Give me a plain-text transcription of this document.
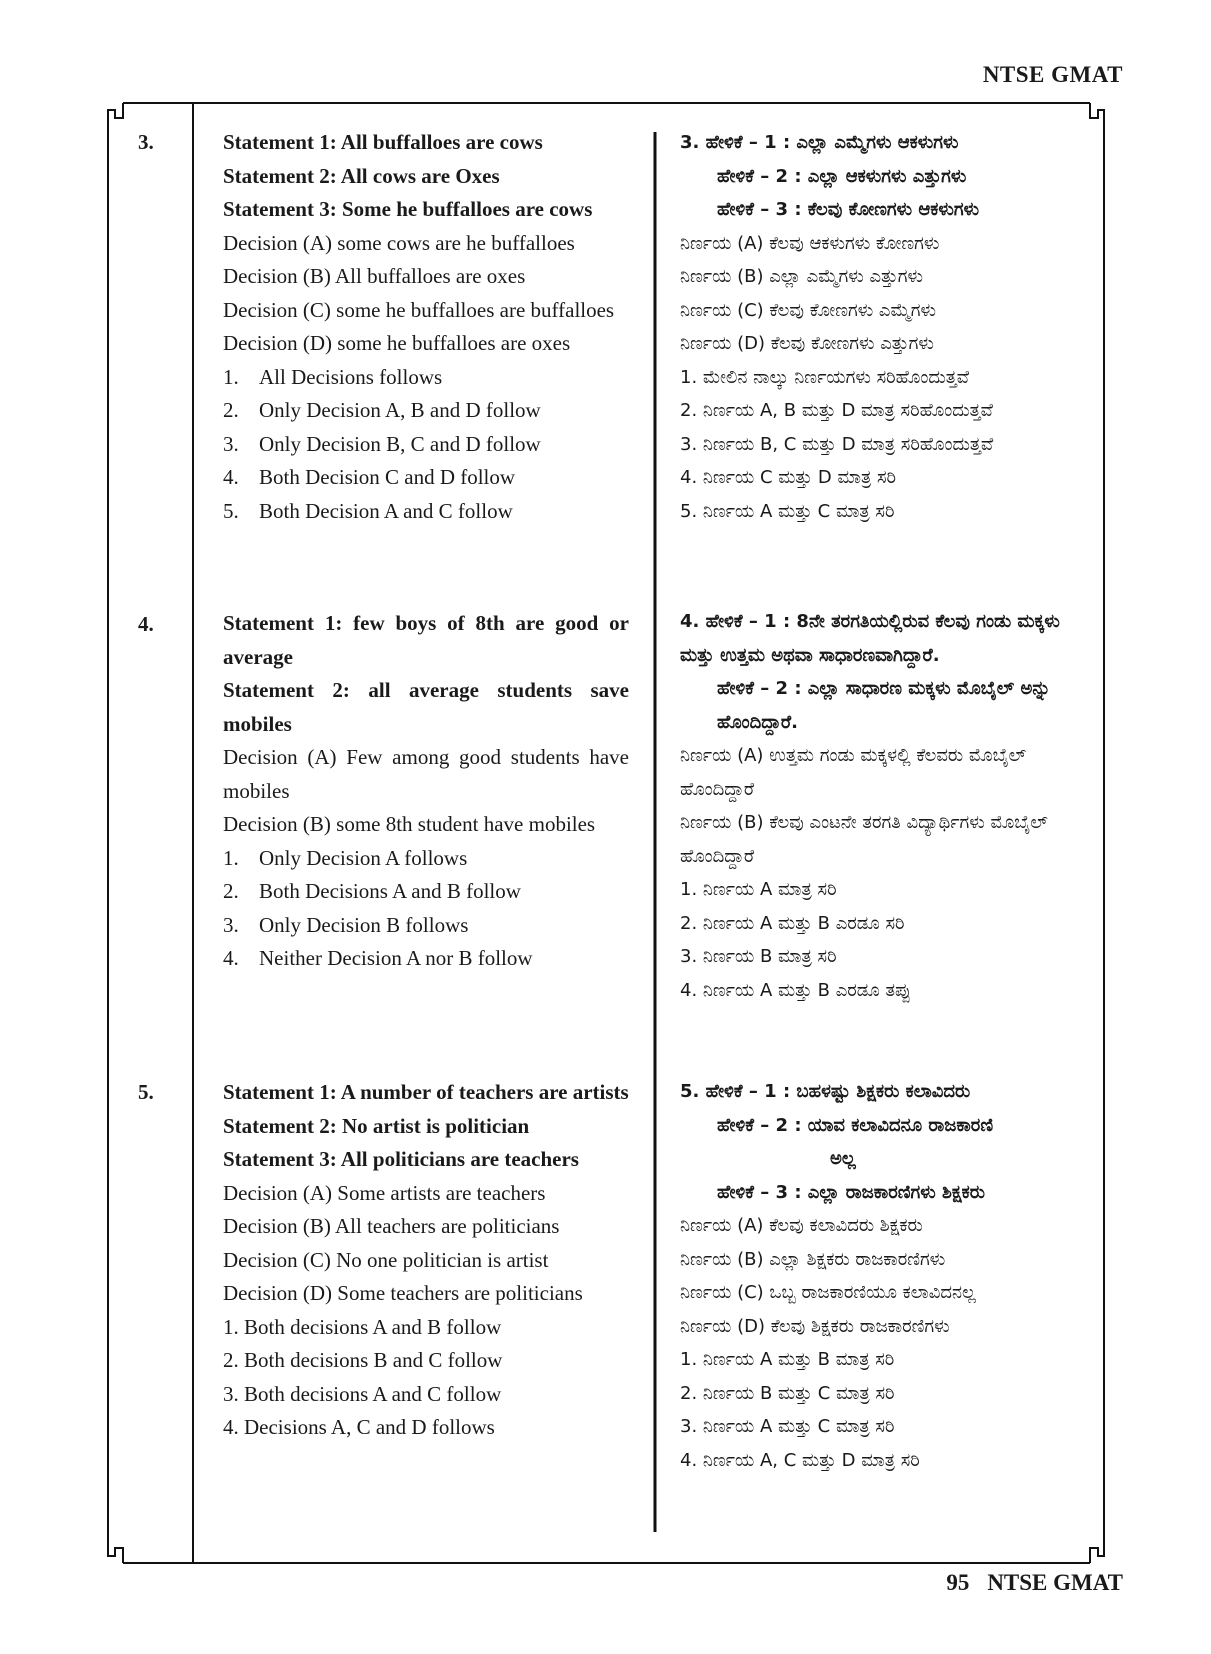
NTSE GMAT
3.	Statement 1: All buffalloes are cows
Statement 2: All cows are Oxes
Statement 3: Some he buffalloes are cows
Decision (A) some cows are he buffalloes
Decision (B) All buffalloes are oxes
Decision (C) some he buffalloes are buffalloes
Decision (D) some he buffalloes are oxes
1. All Decisions follows
2. Only Decision A, B and D follow
3. Only Decision B, C and D follow
4. Both Decision C and D follow
5. Both Decision A and C follow
3. ಹೇಳಿಕೆ – 1 : ಎಲ್ಲಾ ಎಮ್ಮೆಗಳು ಆಕಳುಗಳು
ಹೇಳಿಕೆ – 2 : ಎಲ್ಲಾ ಆಕಳುಗಳು ಎತ್ತುಗಳು
ಹೇಳಿಕೆ – 3 : ಕೆಲವು ಕೋಣಗಳು ಆಕಳುಗಳು
ನಿರ್ಣಯ (A) ಕೆಲವು ಆಕಳುಗಳು ಕೋಣಗಳು
ನಿರ್ಣಯ (B) ಎಲ್ಲಾ ಎಮ್ಮೆಗಳು ಎತ್ತುಗಳು
ನಿರ್ಣಯ (C) ಕೆಲವು ಕೋಣಗಳು ಎಮ್ಮೆಗಳು
ನಿರ್ಣಯ (D) ಕೆಲವು ಕೋಣಗಳು ಎತ್ತುಗಳು
1. ಮೇಲಿನ ನಾಲ್ಕು ನಿರ್ಣಯಗಳು ಸರಿಹೊಂದುತ್ತವೆ
2. ನಿರ್ಣಯ A, B ಮತ್ತು D ಮಾತ್ರ ಸರಿಹೊಂದುತ್ತವೆ
3. ನಿರ್ಣಯ B, C ಮತ್ತು D ಮಾತ್ರ ಸರಿಹೊಂದುತ್ತವೆ
4. ನಿರ್ಣಯ C ಮತ್ತು D ಮಾತ್ರ ಸರಿ
5. ನಿರ್ಣಯ A ಮತ್ತು C ಮಾತ್ರ ಸರಿ
4.	Statement 1: few boys of 8th are good or average
Statement 2: all average students save mobiles
Decision (A) Few among good students have mobiles
Decision (B) some 8th student have mobiles
1. Only Decision A follows
2. Both Decisions A and B follow
3. Only Decision B follows
4. Neither Decision A nor B follow
4. ಹೇಳಿಕೆ – 1 : 8ನೇ ತರಗತಿಯಲ್ಲಿರುವ ಕೆಲವು ಗಂಡು ಮಕ್ಕಳು ಮತ್ತು ಉತ್ತಮ ಅಥವಾ ಸಾಧಾರಣವಾಗಿದ್ದಾರೆ.
ಹೇಳಿಕೆ – 2 : ಎಲ್ಲಾ ಸಾಧಾರಣ ಮಕ್ಕಳು ಮೊಬೈಲ್ ಅನ್ನು ಹೊಂದಿದ್ದಾರೆ.
ನಿರ್ಣಯ (A) ಉತ್ತಮ ಗಂಡು ಮಕ್ಕಳಲ್ಲಿ ಕೆಲವರು ಮೊಬೈಲ್ ಹೊಂದಿದ್ದಾರೆ
ನಿರ್ಣಯ (B) ಕೆಲವು ಎಂಟನೇ ತರಗತಿ ವಿದ್ಯಾರ್ಥಿಗಳು ಮೊಬೈಲ್ ಹೊಂದಿದ್ದಾರೆ
1. ನಿರ್ಣಯ A ಮಾತ್ರ ಸರಿ
2. ನಿರ್ಣಯ A ಮತ್ತು B ಎರಡೂ ಸರಿ
3. ನಿರ್ಣಯ B ಮಾತ್ರ ಸರಿ
4. ನಿರ್ಣಯ A ಮತ್ತು B ಎರಡೂ ತಪ್ಪು
5.	Statement 1: A number of teachers are artists
Statement 2: No artist is politician
Statement 3: All politicians are teachers
Decision (A) Some artists are teachers
Decision (B) All teachers are politicians
Decision (C) No one politician is artist
Decision (D) Some teachers are politicians
1. Both decisions A and B follow
2. Both decisions B and C follow
3. Both decisions A and C follow
4. Decisions A, C and D follows
5. ಹೇಳಿಕೆ – 1 : ಬಹಳಷ್ಟು ಶಿಕ್ಷಕರು ಕಲಾವಿದರು
ಹೇಳಿಕೆ – 2 : ಯಾವ ಕಲಾವಿದನೂ ರಾಜಕಾರಣಿ
ಅಲ್ಲ
ಹೇಳಿಕೆ – 3 : ಎಲ್ಲಾ ರಾಜಕಾರಣಿಗಳು ಶಿಕ್ಷಕರು
ನಿರ್ಣಯ (A) ಕೆಲವು ಕಲಾವಿದರು ಶಿಕ್ಷಕರು
ನಿರ್ಣಯ (B) ಎಲ್ಲಾ ಶಿಕ್ಷಕರು ರಾಜಕಾರಣಿಗಳು
ನಿರ್ಣಯ (C) ಒಬ್ಬ ರಾಜಕಾರಣಿಯೂ ಕಲಾವಿದನಲ್ಲ
ನಿರ್ಣಯ (D) ಕೆಲವು ಶಿಕ್ಷಕರು ರಾಜಕಾರಣಿಗಳು
1. ನಿರ್ಣಯ A ಮತ್ತು B ಮಾತ್ರ ಸರಿ
2. ನಿರ್ಣಯ B ಮತ್ತು C ಮಾತ್ರ ಸರಿ
3. ನಿರ್ಣಯ A ಮತ್ತು C ಮಾತ್ರ ಸರಿ
4. ನಿರ್ಣಯ A, C ಮತ್ತು D ಮಾತ್ರ ಸರಿ
95 NTSE GMAT
